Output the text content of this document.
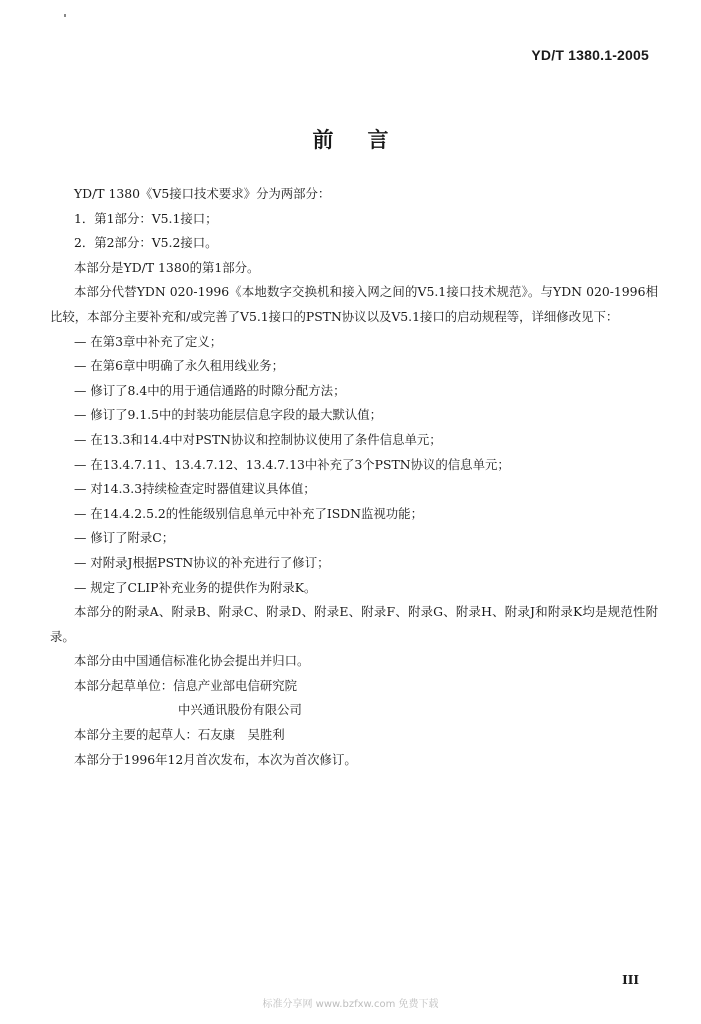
YD/T 1380.1-2005
前言

YD/T 1380《V5接口技术要求》分为两部分：

1．第1部分：V5.1接口；

2．第2部分：V5.2接口。

本部分是YD/T 1380的第1部分。

本部分代替YDN 020-1996《本地数字交换机和接入网之间的V5.1接口技术规范》。与YDN 020-1996相比较，本部分主要补充和/或完善了V5.1接口的PSTN协议以及V5.1接口的启动规程等，详细修改见下：

— 在第3章中补充了定义；

— 在第6章中明确了永久租用线业务；

— 修订了8.4中的用于通信通路的时隙分配方法；

— 修订了9.1.5中的封装功能层信息字段的最大默认值；

— 在13.3和14.4中对PSTN协议和控制协议使用了条件信息单元；

— 在13.4.7.11、13.4.7.12、13.4.7.13中补充了3个PSTN协议的信息单元；

— 对14.3.3持续检查定时器值建议具体值；

— 在14.4.2.5.2的性能级别信息单元中补充了ISDN监视功能；

— 修订了附录C；

— 对附录J根据PSTN协议的补充进行了修订；

— 规定了CLIP补充业务的提供作为附录K。

本部分的附录A、附录B、附录C、附录D、附录E、附录F、附录G、附录H、附录J和附录K均是规范性附录。

本部分由中国通信标准化协会提出并归口。

本部分起草单位：信息产业部电信研究院

中兴通讯股份有限公司

本部分主要的起草人：石友康　吴胜利

本部分于1996年12月首次发布，本次为首次修订。

III
标准分享网 www.bzfxw.com 免费下载
